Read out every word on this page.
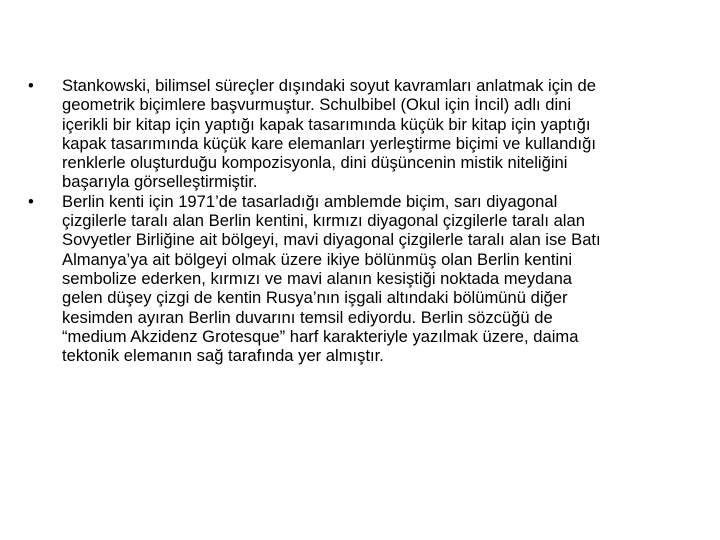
•	Stankowski, bilimsel süreçler dışındaki soyut kavramları anlatmak için de
geometrik biçimlere başvurmuştur. Schulbibel (Okul için İncil) adlı dini
içerikli bir kitap için yaptığı kapak tasarımında küçük bir kitap için yaptığı
kapak tasarımında küçük kare elemanları yerleştirme biçimi ve kullandığı
renklerle oluşturduğu kompozisyonla, dini düşüncenin mistik niteliğini
başarıyla görselleştirmiştir.
•	Berlin kenti için 1971’de tasarladığı amblemde biçim, sarı diyagonal
çizgilerle taralı alan Berlin kentini, kırmızı diyagonal çizgilerle taralı alan
Sovyetler Birliğine ait bölgeyi, mavi diyagonal çizgilerle taralı alan ise Batı
Almanya’ya ait bölgeyi olmak üzere ikiye bölünmüş olan Berlin kentini
sembolize ederken, kırmızı ve mavi alanın kesiştiği noktada meydana
gelen düşey çizgi de kentin Rusya’nın işgali altındaki bölümünü diğer
kesimden ayıran Berlin duvarını temsil ediyordu. Berlin sözcüğü de
“medium Akzidenz Grotesque” harf karakteriyle yazılmak üzere, daima
tektonik elemanın sağ tarafında yer almıştır.
